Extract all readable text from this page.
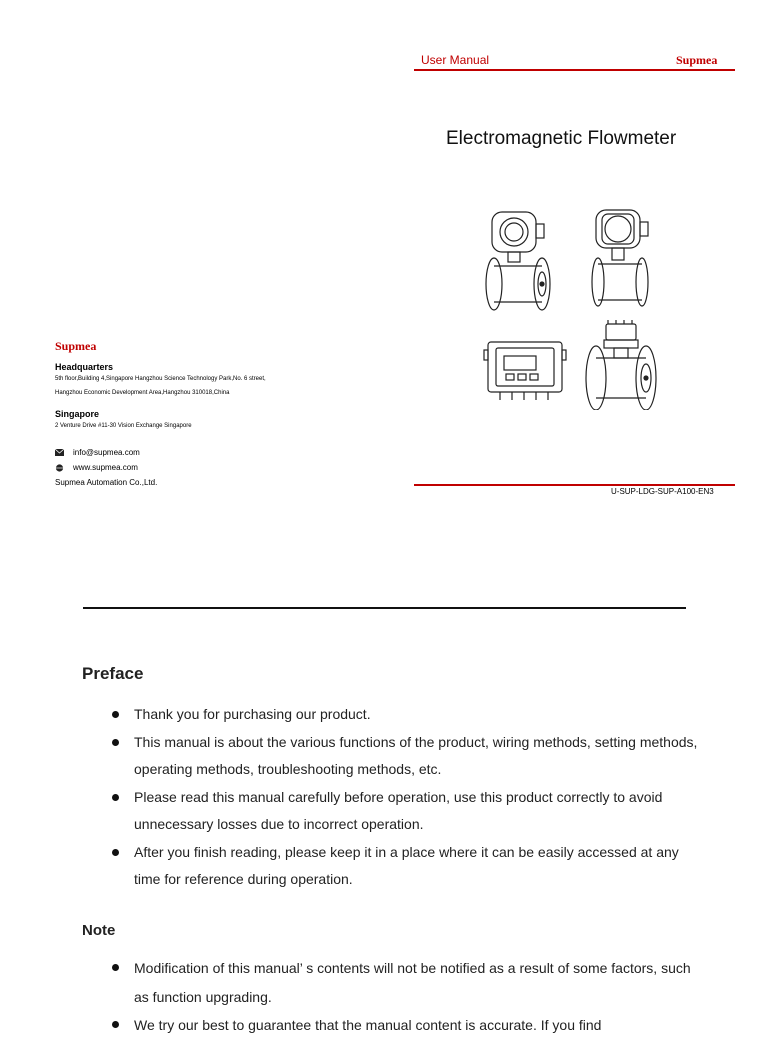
User Manual	Supmea
Electromagnetic Flowmeter
Supmea
Headquarters
5th floor,Building 4,Singapore Hangzhou Science Technology Park,No. 6 street,
Hangzhou Economic Development Area,Hangzhou 310018,China
Singapore
2 Venture Drive #11-30 Vision Exchange Singapore
info@supmea.com
www.supmea.com
Supmea Automation Co.,Ltd.
U-SUP-LDG-SUP-A100-EN3
Preface
Thank you for purchasing our product.
This manual is about the various functions of the product, wiring methods, setting methods, operating methods, troubleshooting methods, etc.
Please read this manual carefully before operation, use this product correctly to avoid unnecessary losses due to incorrect operation.
After you finish reading, please keep it in a place where it can be easily accessed at any time for reference during operation.
Note
Modification of this manual’ s contents will not be notified as a result of some factors, such as function upgrading.
We try our best to guarantee that the manual content is accurate. If you find
